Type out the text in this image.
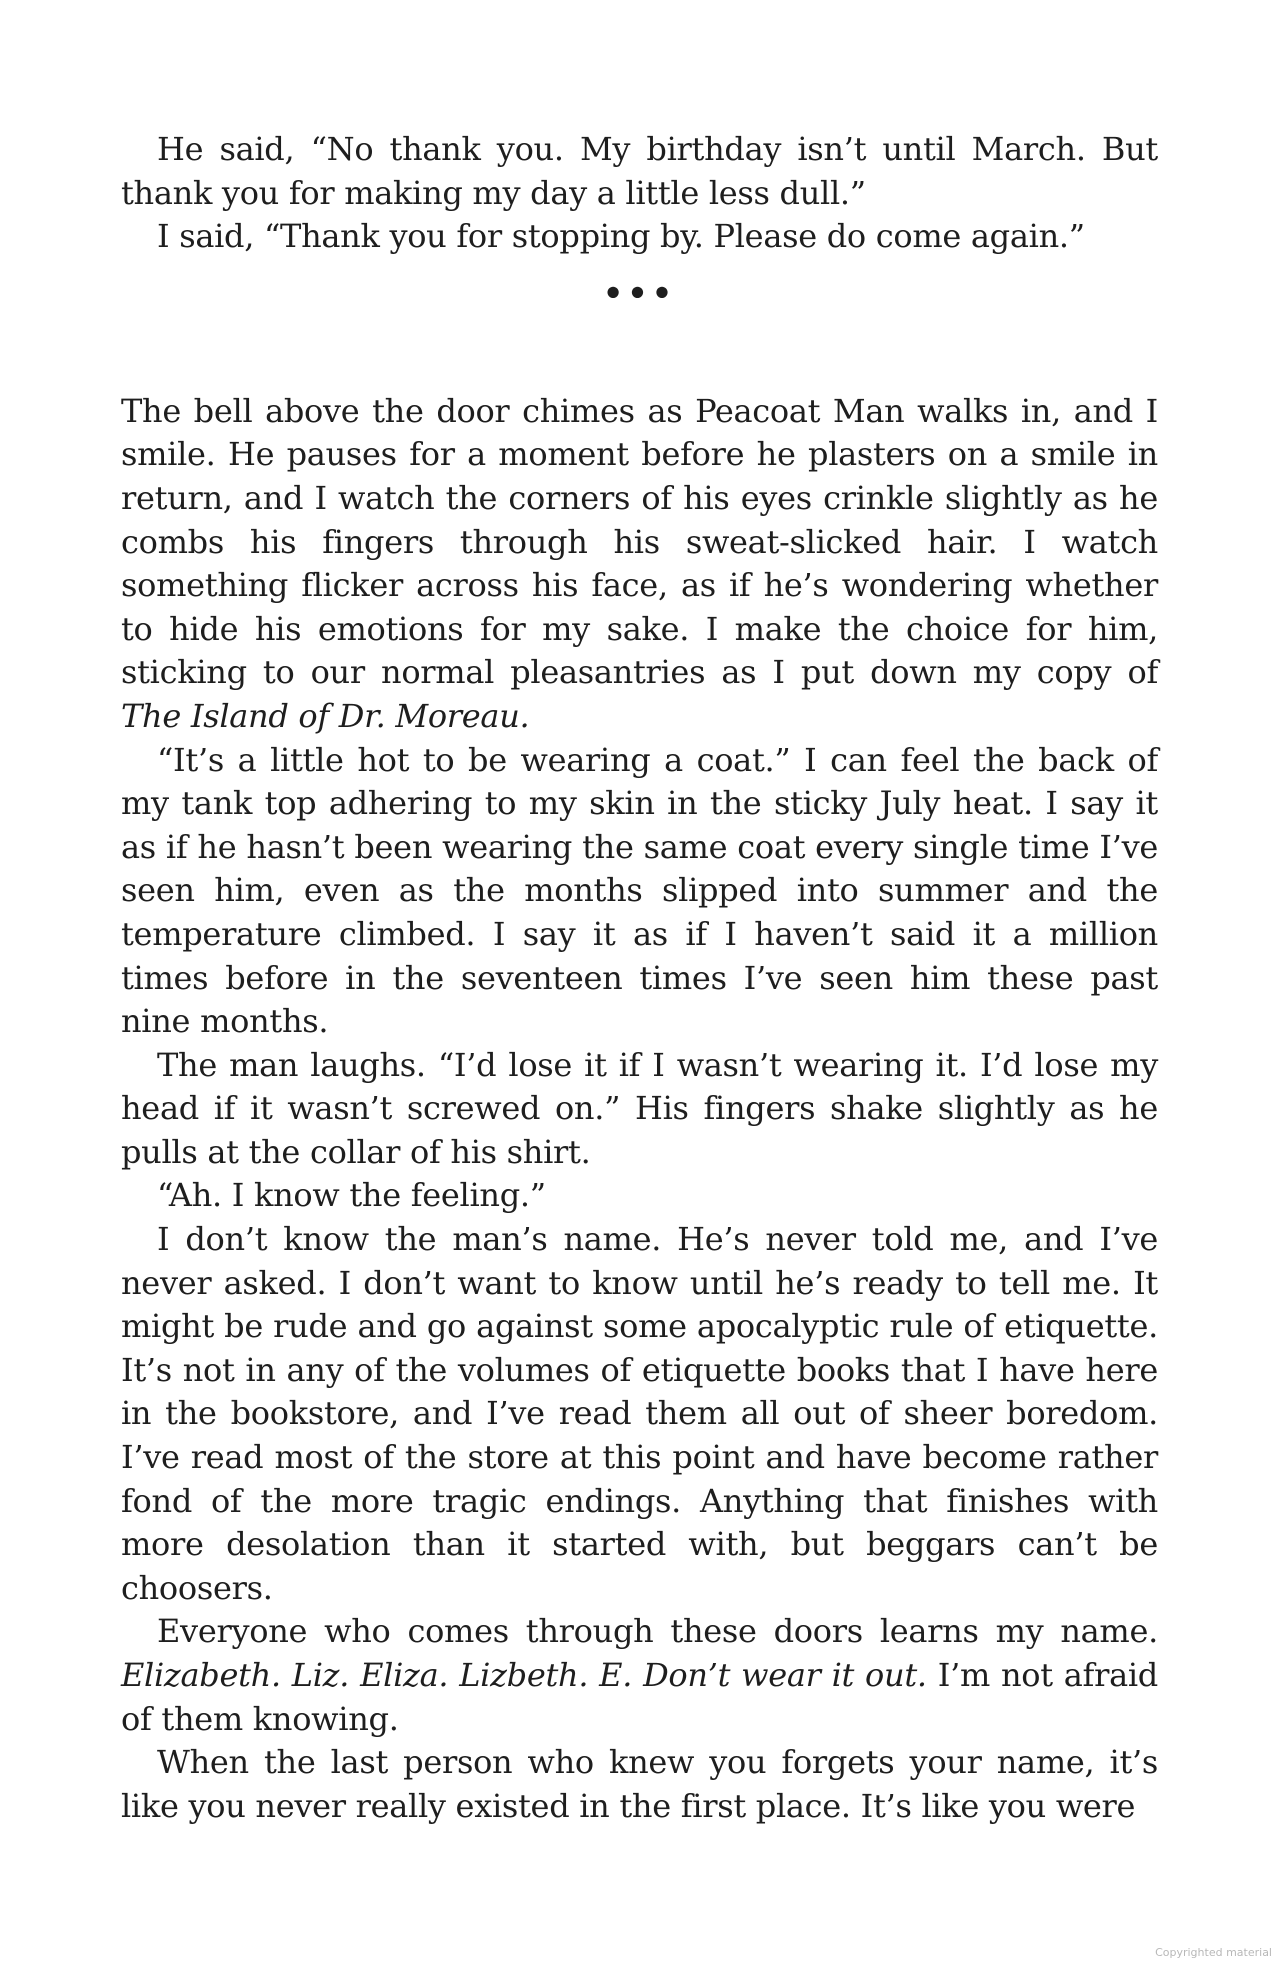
He said, “No thank you. My birthday isn’t until March. But thank you for making my day a little less dull.”

I said, “Thank you for stopping by. Please do come again.”

•••

The bell above the door chimes as Peacoat Man walks in, and I smile. He pauses for a moment before he plasters on a smile in return, and I watch the corners of his eyes crinkle slightly as he combs his fingers through his sweat-slicked hair. I watch something flicker across his face, as if he’s wondering whether to hide his emotions for my sake. I make the choice for him, sticking to our normal pleasantries as I put down my copy of The Island of Dr. Moreau.

“It’s a little hot to be wearing a coat.” I can feel the back of my tank top adhering to my skin in the sticky July heat. I say it as if he hasn’t been wearing the same coat every single time I’ve seen him, even as the months slipped into summer and the temperature climbed. I say it as if I haven’t said it a million times before in the seventeen times I’ve seen him these past nine months.

The man laughs. “I’d lose it if I wasn’t wearing it. I’d lose my head if it wasn’t screwed on.” His fingers shake slightly as he pulls at the collar of his shirt.

“Ah. I know the feeling.”

I don’t know the man’s name. He’s never told me, and I’ve never asked. I don’t want to know until he’s ready to tell me. It might be rude and go against some apocalyptic rule of etiquette. It’s not in any of the volumes of etiquette books that I have here in the bookstore, and I’ve read them all out of sheer boredom. I’ve read most of the store at this point and have become rather fond of the more tragic endings. Anything that finishes with more desolation than it started with, but beggars can’t be choosers.

Everyone who comes through these doors learns my name. Elizabeth. Liz. Eliza. Lizbeth. E. Don’t wear it out. I’m not afraid of them knowing.

When the last person who knew you forgets your name, it’s like you never really existed in the first place. It’s like you were

Copyrighted material
